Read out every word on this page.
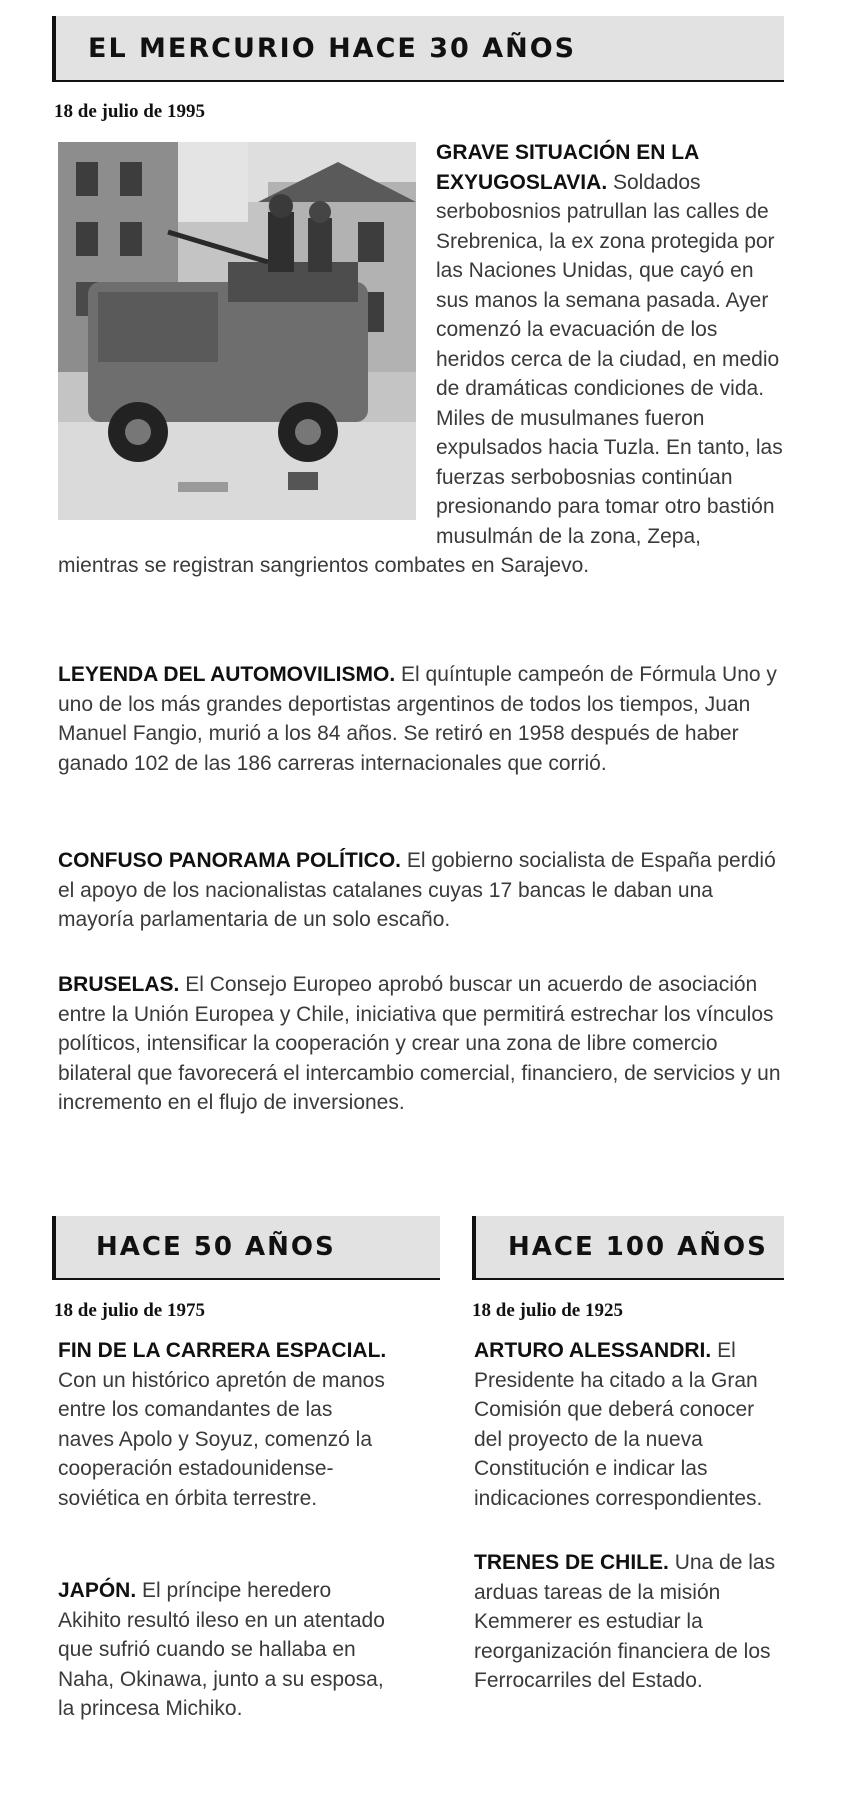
EL MERCURIO HACE 30 AÑOS
18 de julio de 1995

GRAVE SITUACIÓN EN LA EXYUGOSLAVIA. Soldados serbobosnios patrullan las calles de Srebrenica, la ex zona protegida por las Naciones Unidas, que cayó en sus manos la semana pasada. Ayer comenzó la evacuación de los heridos cerca de la ciudad, en medio de dramáticas condiciones de vida. Miles de musulmanes fueron expulsados hacia Tuzla. En tanto, las fuerzas serbobosnias continúan presionando para tomar otro bastión musulmán de la zona, Zepa, mientras se registran sangrientos combates en Sarajevo.

LEYENDA DEL AUTOMOVILISMO. El quíntuple campeón de Fórmula Uno y uno de los más grandes deportistas argentinos de todos los tiempos, Juan Manuel Fangio, murió a los 84 años. Se retiró en 1958 después de haber ganado 102 de las 186 carreras internacionales que corrió.

CONFUSO PANORAMA POLÍTICO. El gobierno socialista de España perdió el apoyo de los nacionalistas catalanes cuyas 17 bancas le daban una mayoría parlamentaria de un solo escaño.

BRUSELAS. El Consejo Europeo aprobó buscar un acuerdo de asociación entre la Unión Europea y Chile, iniciativa que permitirá estrechar los vínculos políticos, intensificar la cooperación y crear una zona de libre comercio bilateral que favorecerá el intercambio comercial, financiero, de servicios y un incremento en el flujo de inversiones.

HACE 50 AÑOS
18 de julio de 1975

FIN DE LA CARRERA ESPACIAL. Con un histórico apretón de manos entre los comandantes de las naves Apolo y Soyuz, comenzó la cooperación estadounidense-soviética en órbita terrestre.

JAPÓN. El príncipe heredero Akihito resultó ileso en un atentado que sufrió cuando se hallaba en Naha, Okinawa, junto a su esposa, la princesa Michiko.

HACE 100 AÑOS
18 de julio de 1925

ARTURO ALESSANDRI. El Presidente ha citado a la Gran Comisión que deberá conocer del proyecto de la nueva Constitución e indicar las indicaciones correspondientes.

TRENES DE CHILE. Una de las arduas tareas de la misión Kemmerer es estudiar la reorganización financiera de los Ferrocarriles del Estado.
